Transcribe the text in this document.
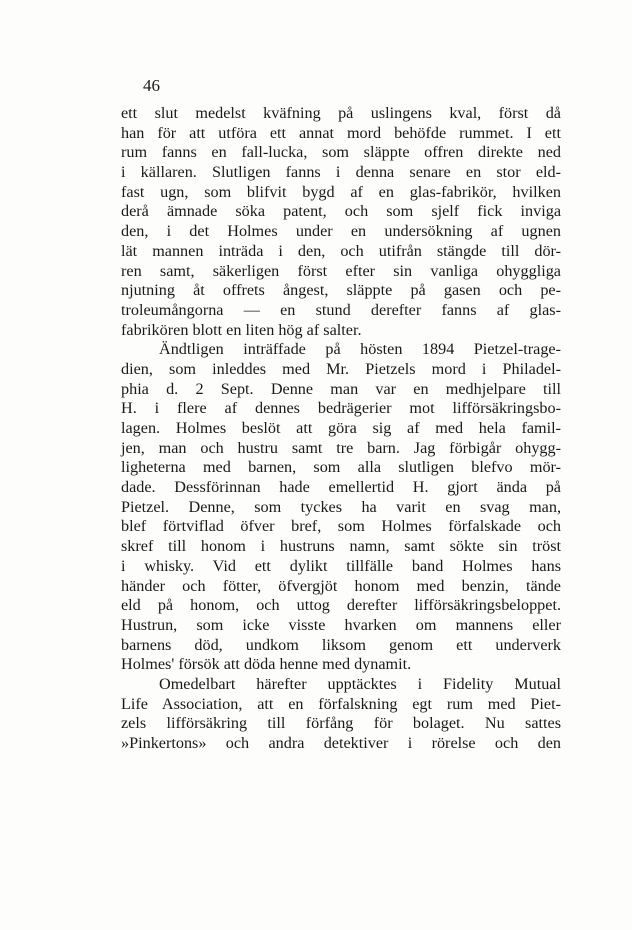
46
ett slut medelst kväfning på uslingens kval, först då
han för att utföra ett annat mord behöfde rummet. I ett
rum fanns en fall-lucka, som släppte offren direkte ned
i källaren. Slutligen fanns i denna senare en stor eld-
fast ugn, som blifvit bygd af en glas-fabrikör, hvilken
derå ämnade söka patent, och som sjelf fick inviga
den, i det Holmes under en undersökning af ugnen
lät mannen inträda i den, och utifrån stängde till dör-
ren samt, säkerligen först efter sin vanliga ohyggliga
njutning åt offrets ångest, släppte på gasen och pe-
troleumångorna — en stund derefter fanns af glas-
fabrikören blott en liten hög af salter.
Ändtligen inträffade på hösten 1894 Pietzel-trage-
dien, som inleddes med Mr. Pietzels mord i Philadel-
phia d. 2 Sept. Denne man var en medhjelpare till
H. i flere af dennes bedrägerier mot lifförsäkringsbo-
lagen. Holmes beslöt att göra sig af med hela famil-
jen, man och hustru samt tre barn. Jag förbigår ohygg-
ligheterna med barnen, som alla slutligen blefvo mör-
dade. Dessförinnan hade emellertid H. gjort ända på
Pietzel. Denne, som tyckes ha varit en svag man,
blef förtviflad öfver bref, som Holmes förfalskade och
skref till honom i hustruns namn, samt sökte sin tröst
i whisky. Vid ett dylikt tillfälle band Holmes hans
händer och fötter, öfvergjöt honom med benzin, tände
eld på honom, och uttog derefter lifförsäkringsbeloppet.
Hustrun, som icke visste hvarken om mannens eller
barnens död, undkom liksom genom ett underverk
Holmes' försök att döda henne med dynamit.
Omedelbart härefter upptäcktes i Fidelity Mutual
Life Association, att en förfalskning egt rum med Piet-
zels lifförsäkring till förfång för bolaget. Nu sattes
»Pinkertons» och andra detektiver i rörelse och den
